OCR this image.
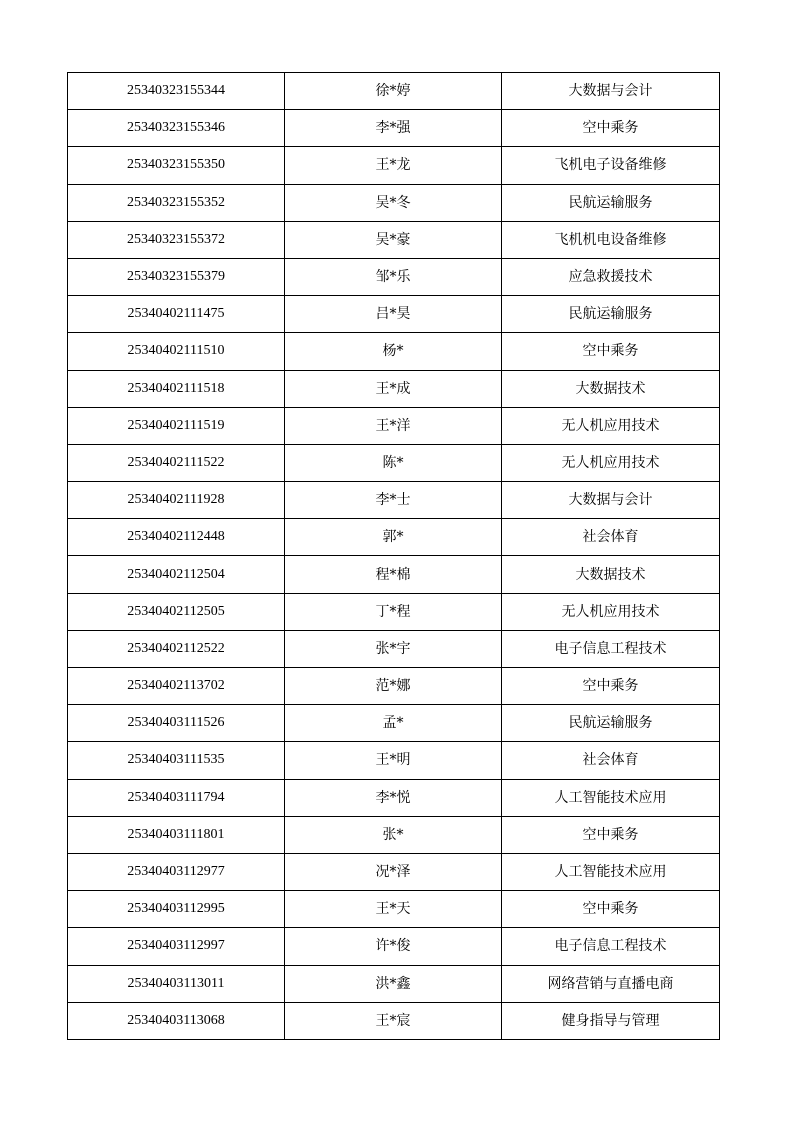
25340323155344	徐*婷	大数据与会计
25340323155346	李*强	空中乘务
25340323155350	王*龙	飞机电子设备维修
25340323155352	吴*冬	民航运输服务
25340323155372	吴*豪	飞机机电设备维修
25340323155379	邹*乐	应急救援技术
25340402111475	吕*昊	民航运输服务
25340402111510	杨*	空中乘务
25340402111518	王*成	大数据技术
25340402111519	王*洋	无人机应用技术
25340402111522	陈*	无人机应用技术
25340402111928	李*士	大数据与会计
25340402112448	郭*	社会体育
25340402112504	程*棉	大数据技术
25340402112505	丁*程	无人机应用技术
25340402112522	张*宇	电子信息工程技术
25340402113702	范*娜	空中乘务
25340403111526	孟*	民航运输服务
25340403111535	王*明	社会体育
25340403111794	李*悦	人工智能技术应用
25340403111801	张*	空中乘务
25340403112977	况*泽	人工智能技术应用
25340403112995	王*天	空中乘务
25340403112997	许*俊	电子信息工程技术
25340403113011	洪*鑫	网络营销与直播电商
25340403113068	王*宸	健身指导与管理
